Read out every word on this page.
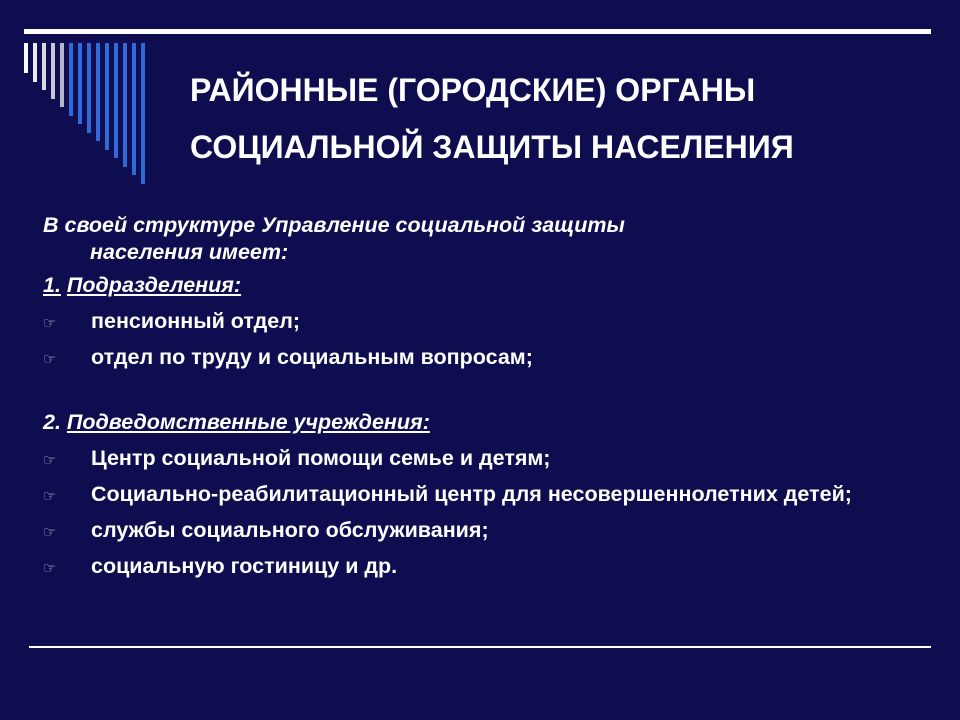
РАЙОННЫЕ (ГОРОДСКИЕ) ОРГАНЫ
СОЦИАЛЬНОЙ ЗАЩИТЫ НАСЕЛЕНИЯ

В своей структуре Управление социальной защиты
населения имеет:

1. Подразделения:

☞ пенсионный отдел;
☞ отдел по труду и социальным вопросам;

2. Подведомственные учреждения:

☞ Центр социальной помощи семье и детям;
☞ Социально-реабилитационный центр для несовершеннолетних детей;
☞ службы социального обслуживания;
☞ социальную гостиницу и др.
